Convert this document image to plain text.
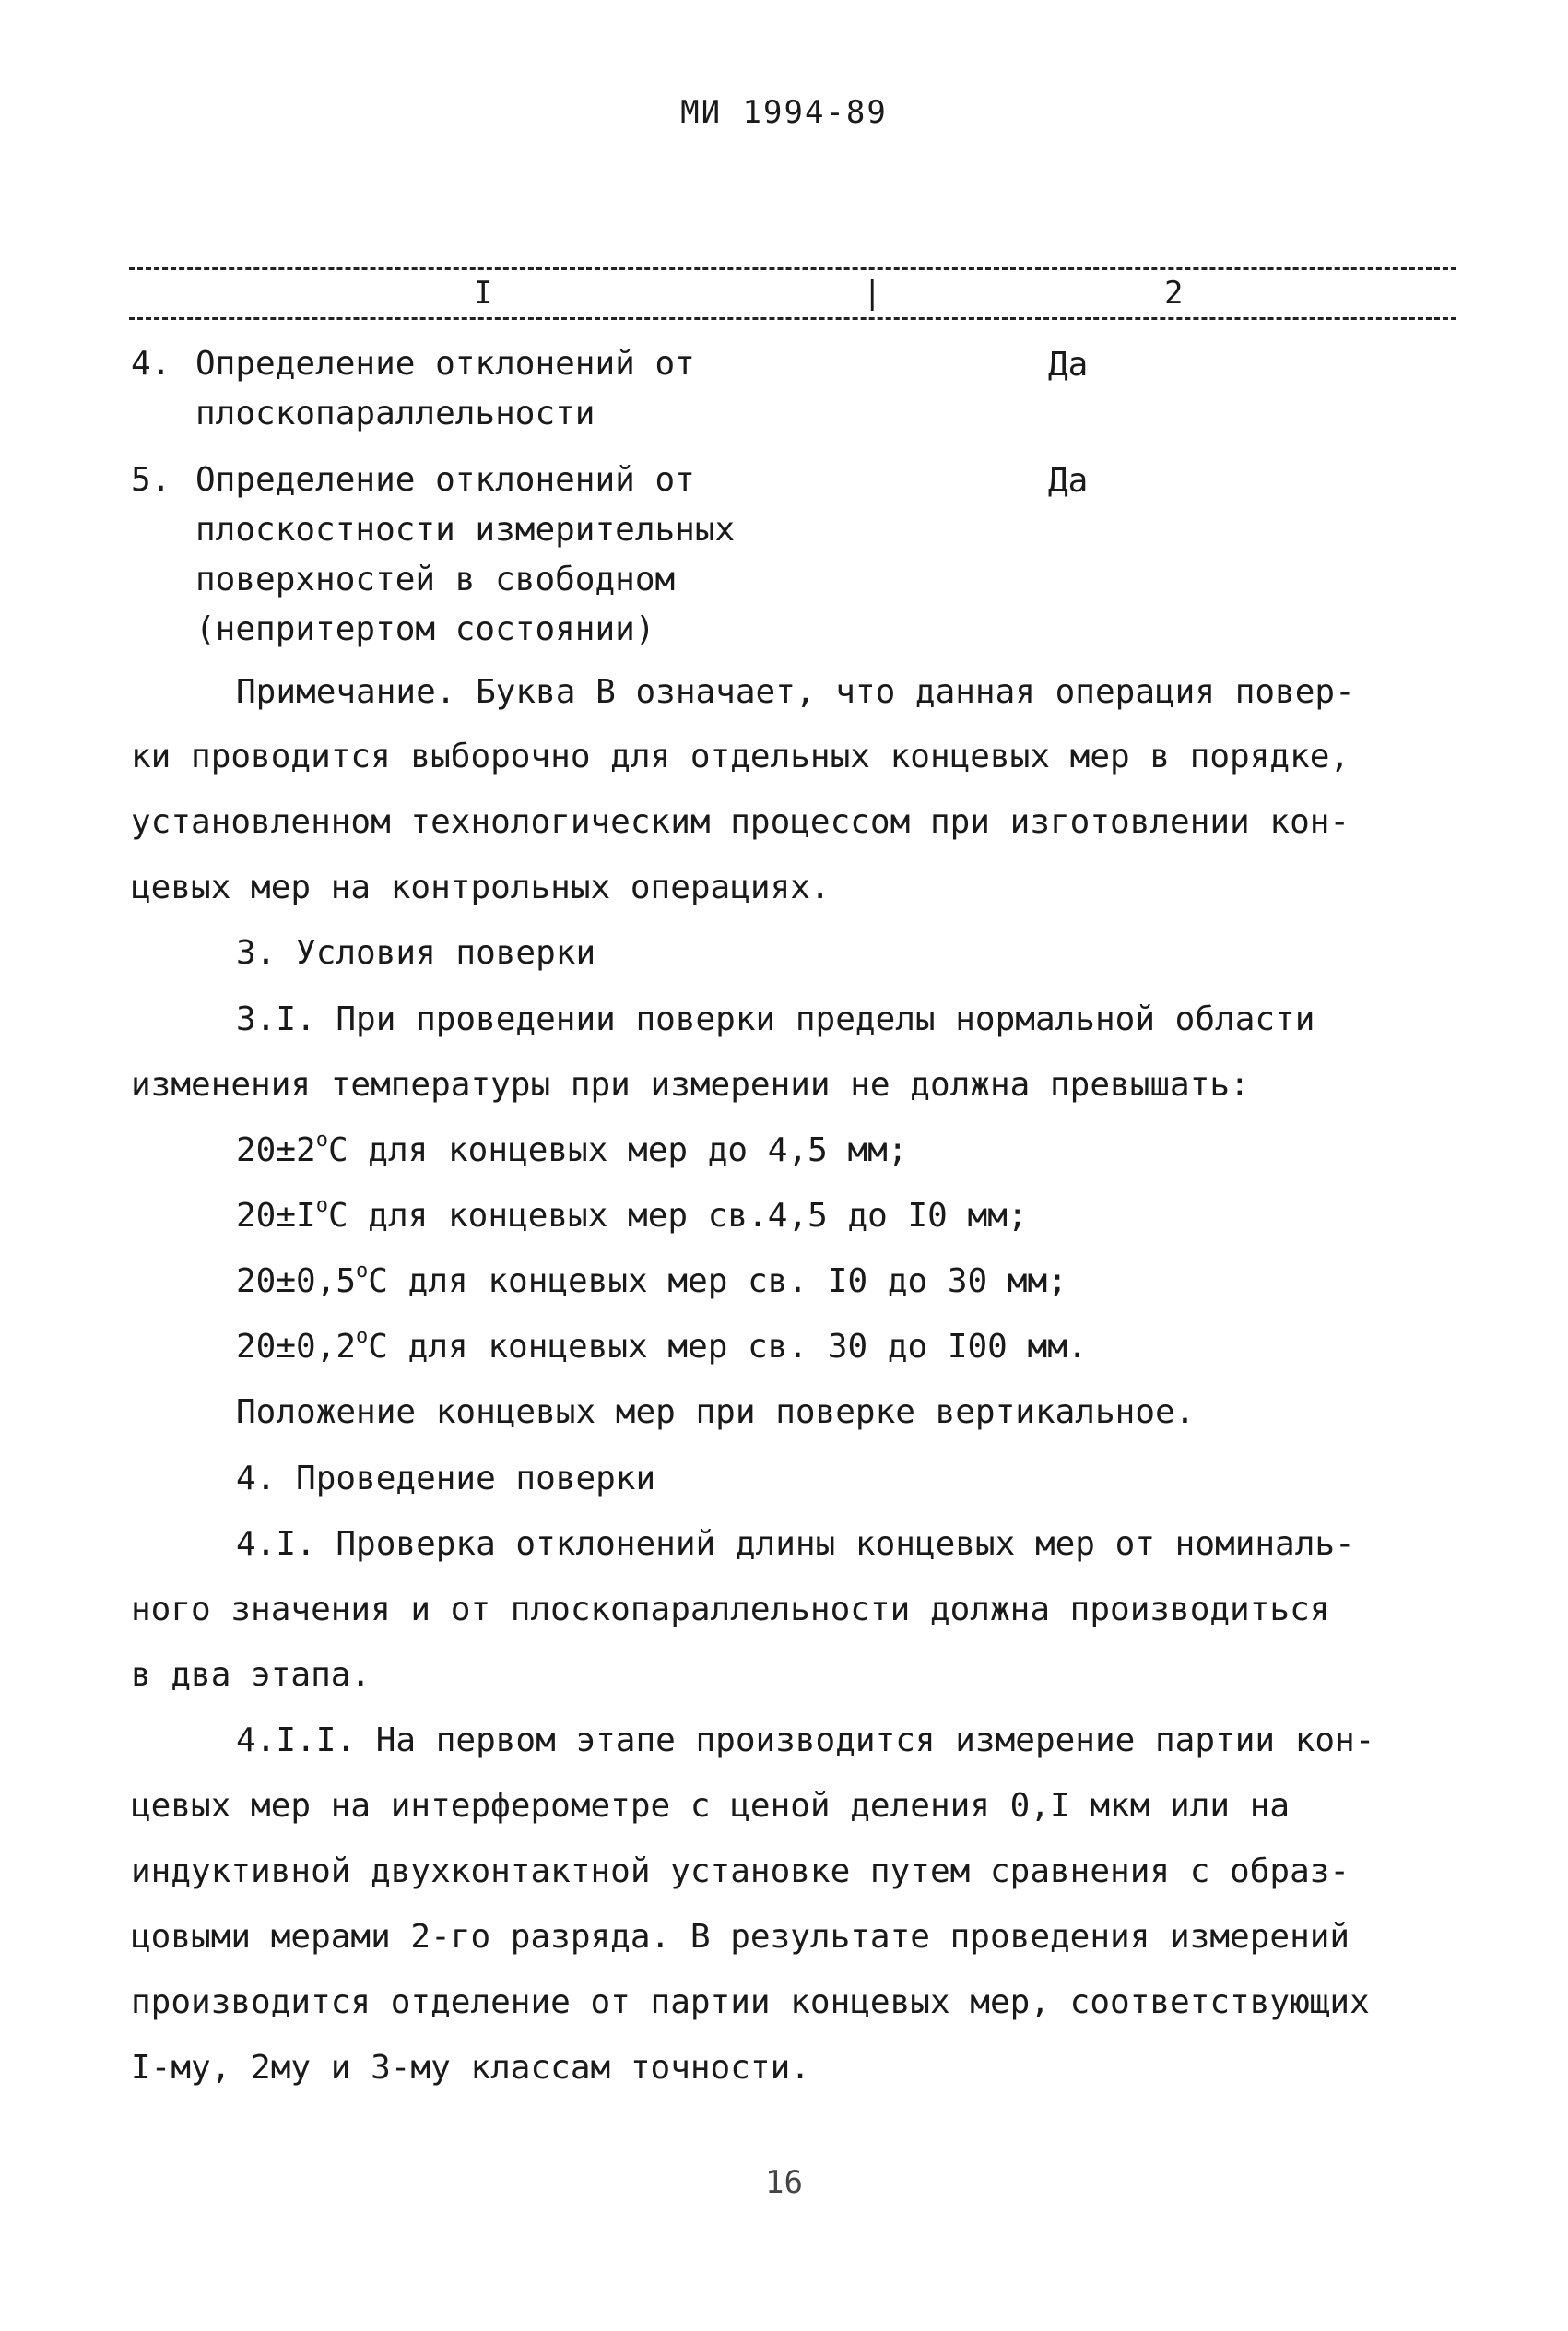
МИ 1994-89
I	|	2
4. Определение отклонений от
плоскопараллельности
Да
5. Определение отклонений от
плоскостности измерительных
поверхностей в свободном
(непритертом состоянии)
Да
Примечание. Буква В означает, что данная операция повер-
ки проводится выборочно для отдельных концевых мер в порядке,
установленном технологическим процессом при изготовлении кон-
цевых мер на контрольных операциях.
3. Условия поверки
3.I. При проведении поверки пределы нормальной области
изменения температуры при измерении не должна превышать:
$20\pm 2^oС$ для концевых мер до 4,5 мм;
$20\pm I^oС$ для концевых мер св.4,5 до I0 мм;
$20\pm 0,5^oС$ для концевых мер св. I0 до 30 мм;
$20\pm 0,2^oС$ для концевых мер св. 30 до I00 мм.
Положение концевых мер при поверке вертикальное.
4. Проведение поверки
4.I. Проверка отклонений длины концевых мер от номиналь-
ного значения и от плоскопараллельности должна производиться
в два этапа.
4.I.I. На первом этапе производится измерение партии кон-
цевых мер на интерферометре с ценой деления 0,I мкм или на
индуктивной двухконтактной установке путем сравнения с образ-
цовыми мерами 2-го разряда. В результате проведения измерений
производится отделение от партии концевых мер, соответствующих
I-му, 2му и 3-му классам точности.
16
